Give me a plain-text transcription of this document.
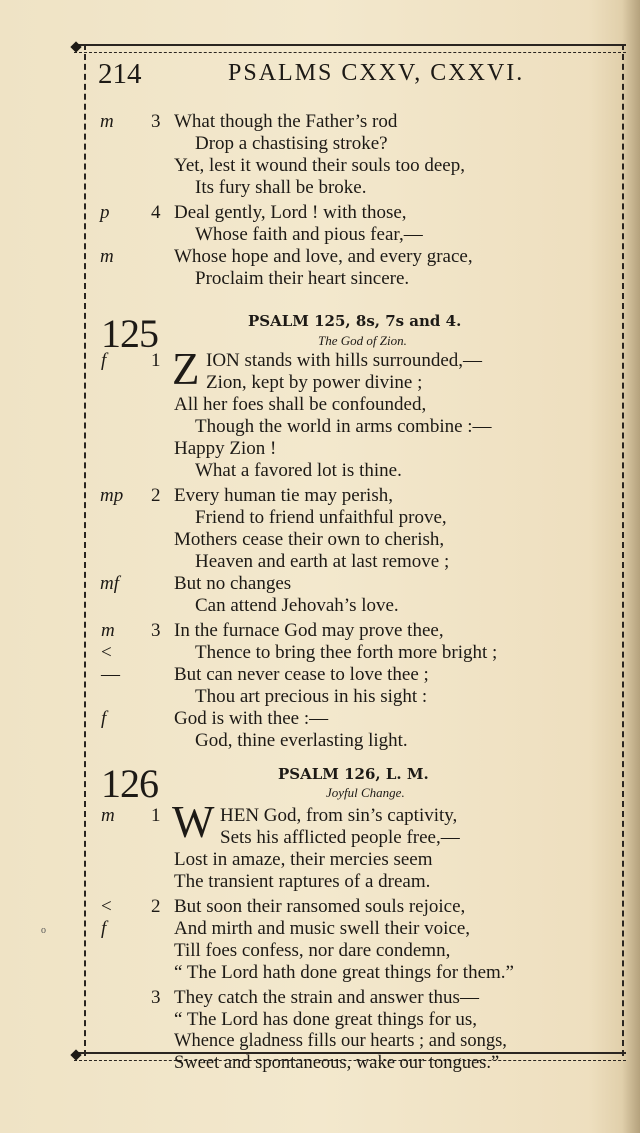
214	PSALMS CXXV, CXXVI.
m	3 What though the Father’s rod
Drop a chastising stroke?
Yet, lest it wound their souls too deep,
Its fury shall be broke.
p	4 Deal gently, Lord ! with those,
Whose faith and pious fear,—
m	Whose hope and love, and every grace,
Proclaim their heart sincere.
125	PSALM 125, 8s, 7s and 4.
The God of Zion.
f	1 Z ION stands with hills surrounded,—
Zion, kept by power divine ;
All her foes shall be confounded,
Though the world in arms combine :—
Happy Zion !
What a favored lot is thine.
mp	2 Every human tie may perish,
Friend to friend unfaithful prove,
Mothers cease their own to cherish,
Heaven and earth at last remove ;
mf	But no changes
Can attend Jehovah’s love.
m	3 In the furnace God may prove thee,
<	Thence to bring thee forth more bright ;
—	But can never cease to love thee ;
Thou art precious in his sight :
f	God is with thee :—
God, thine everlasting light.
126	PSALM 126, L. M.
Joyful Change.
m	1 W HEN God, from sin’s captivity,
Sets his afflicted people free,—
Lost in amaze, their mercies seem
The transient raptures of a dream.
o
<	2 But soon their ransomed souls rejoice,
f	And mirth and music swell their voice,
Till foes confess, nor dare condemn,
“ The Lord hath done great things for them.”
3 They catch the strain and answer thus—
“ The Lord has done great things for us,
Whence gladness fills our hearts ; and songs,
Sweet and spontaneous, wake our tongues.”
